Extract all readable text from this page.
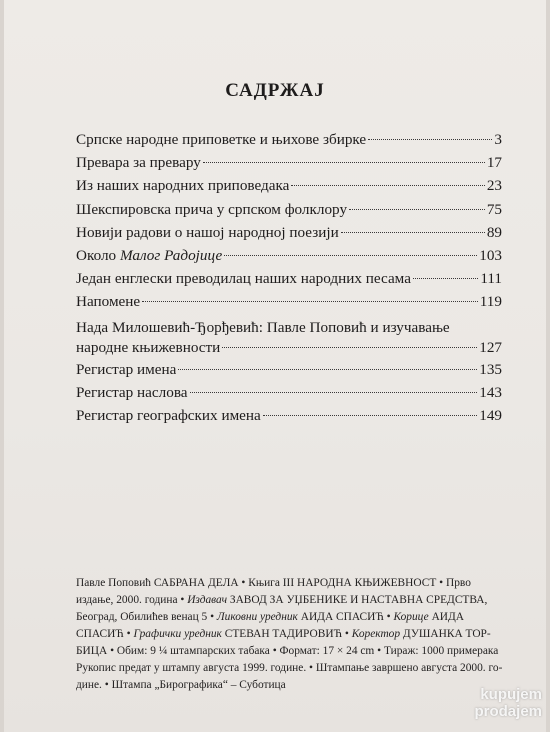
САДРЖАЈ
Српске народне приповетке и њихове збирке	3
Превара за превару	17
Из наших народних приповедака	23
Шекспировска прича у српском фолклору	75
Новији радови о нашој народној поезији	89
Около Малог Радојице	103
Један енглески преводилац наших народних песама	111
Напомене	119
Нада Милошевић-Ђорђевић: Павле Поповић и изучавање
народне књижевности	127
Регистар имена	135
Регистар наслова	143
Регистар географских имена	149
Павле Поповић САБРАНА ДЕЛА • Књига III НАРОДНА КЊИЖЕВНОСТ • Прво
издање, 2000. година • Издавач ЗАВОД ЗА УЏБЕНИКЕ И НАСТАВНА СРЕДСТВА,
Београд, Обилићев венац 5 • Ликовни уредник АИДА СПАСИЋ • Корице АИДА
СПАСИЋ • Графички уредник СТЕВАН ТАДИРОВИЋ • Коректор ДУШАНКА ТОР-
БИЦА • Обим: 9 ¼ штампарских табака • Формат: 17 × 24 cm • Тираж: 1000 примерака
Рукопис предат у штампу августа 1999. године. • Штампање завршено августа 2000. го-
дине. • Штампа „Бирографика“ – Суботица
kupujem
prodajem
